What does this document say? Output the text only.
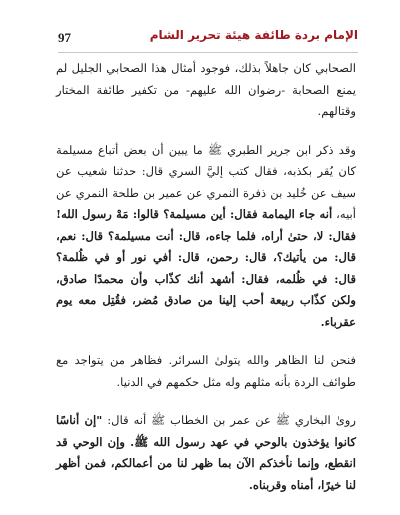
97	الإمام بردة طائفة هيئة تحرير الشام

الصحابي كان جاهلاً بذلك، فوجود أمثال هذا الصحابي الجليل لم يمنع الصحابة -رضوان الله عليهم- من تكفير طائفة المختار وقتالهم.

وقد ذكر ابن جرير الطبري ﷺ ما يبين أن بعض أتباع مسيلمة كان يُقر بكذبه، فقال كتب إليَّ السري قال: حدثنا شعيب عن سيف عن خُليد بن ذفرة النمري عن عمير بن طلحة النمري عن أبيه، أنه جاء اليمامة فقال: أين مسيلمة؟ قالوا: مَهْ رسول الله! فقال: لا، حتىٰ أراه، فلما جاءه، قال: أنت مسيلمة؟ قال: نعم، قال: من يأتيك؟، قال: رحمن، قال: أفي نور أو في ظُلمة؟ قال: في ظُلمه، فقال: أشهد أنك كذّاب وأن محمدًا صادق، ولكن كذّاب ربيعة أحب إلينا من صادق مُضر، فقُتِل معه يوم عقرباء.

فنحن لنا الظاهر والله يتولىٰ السرائر. فظاهر من يتواجد مع طوائف الردة بأنه مثلهم وله مثل حكمهم في الدنيا.

روىٰ البخاري ﷺ عن عمر بن الخطاب ﷺ أنه قال: "إن أناسًا كانوا يؤخذون بالوحي في عهد رسول الله ﷺ. وإن الوحي قد انقطع، وإنما نأخذكم الآن بما ظهر لنا من أعمالكم، فمن أظهر لنا خيرًا، أمناه وقربناه.
